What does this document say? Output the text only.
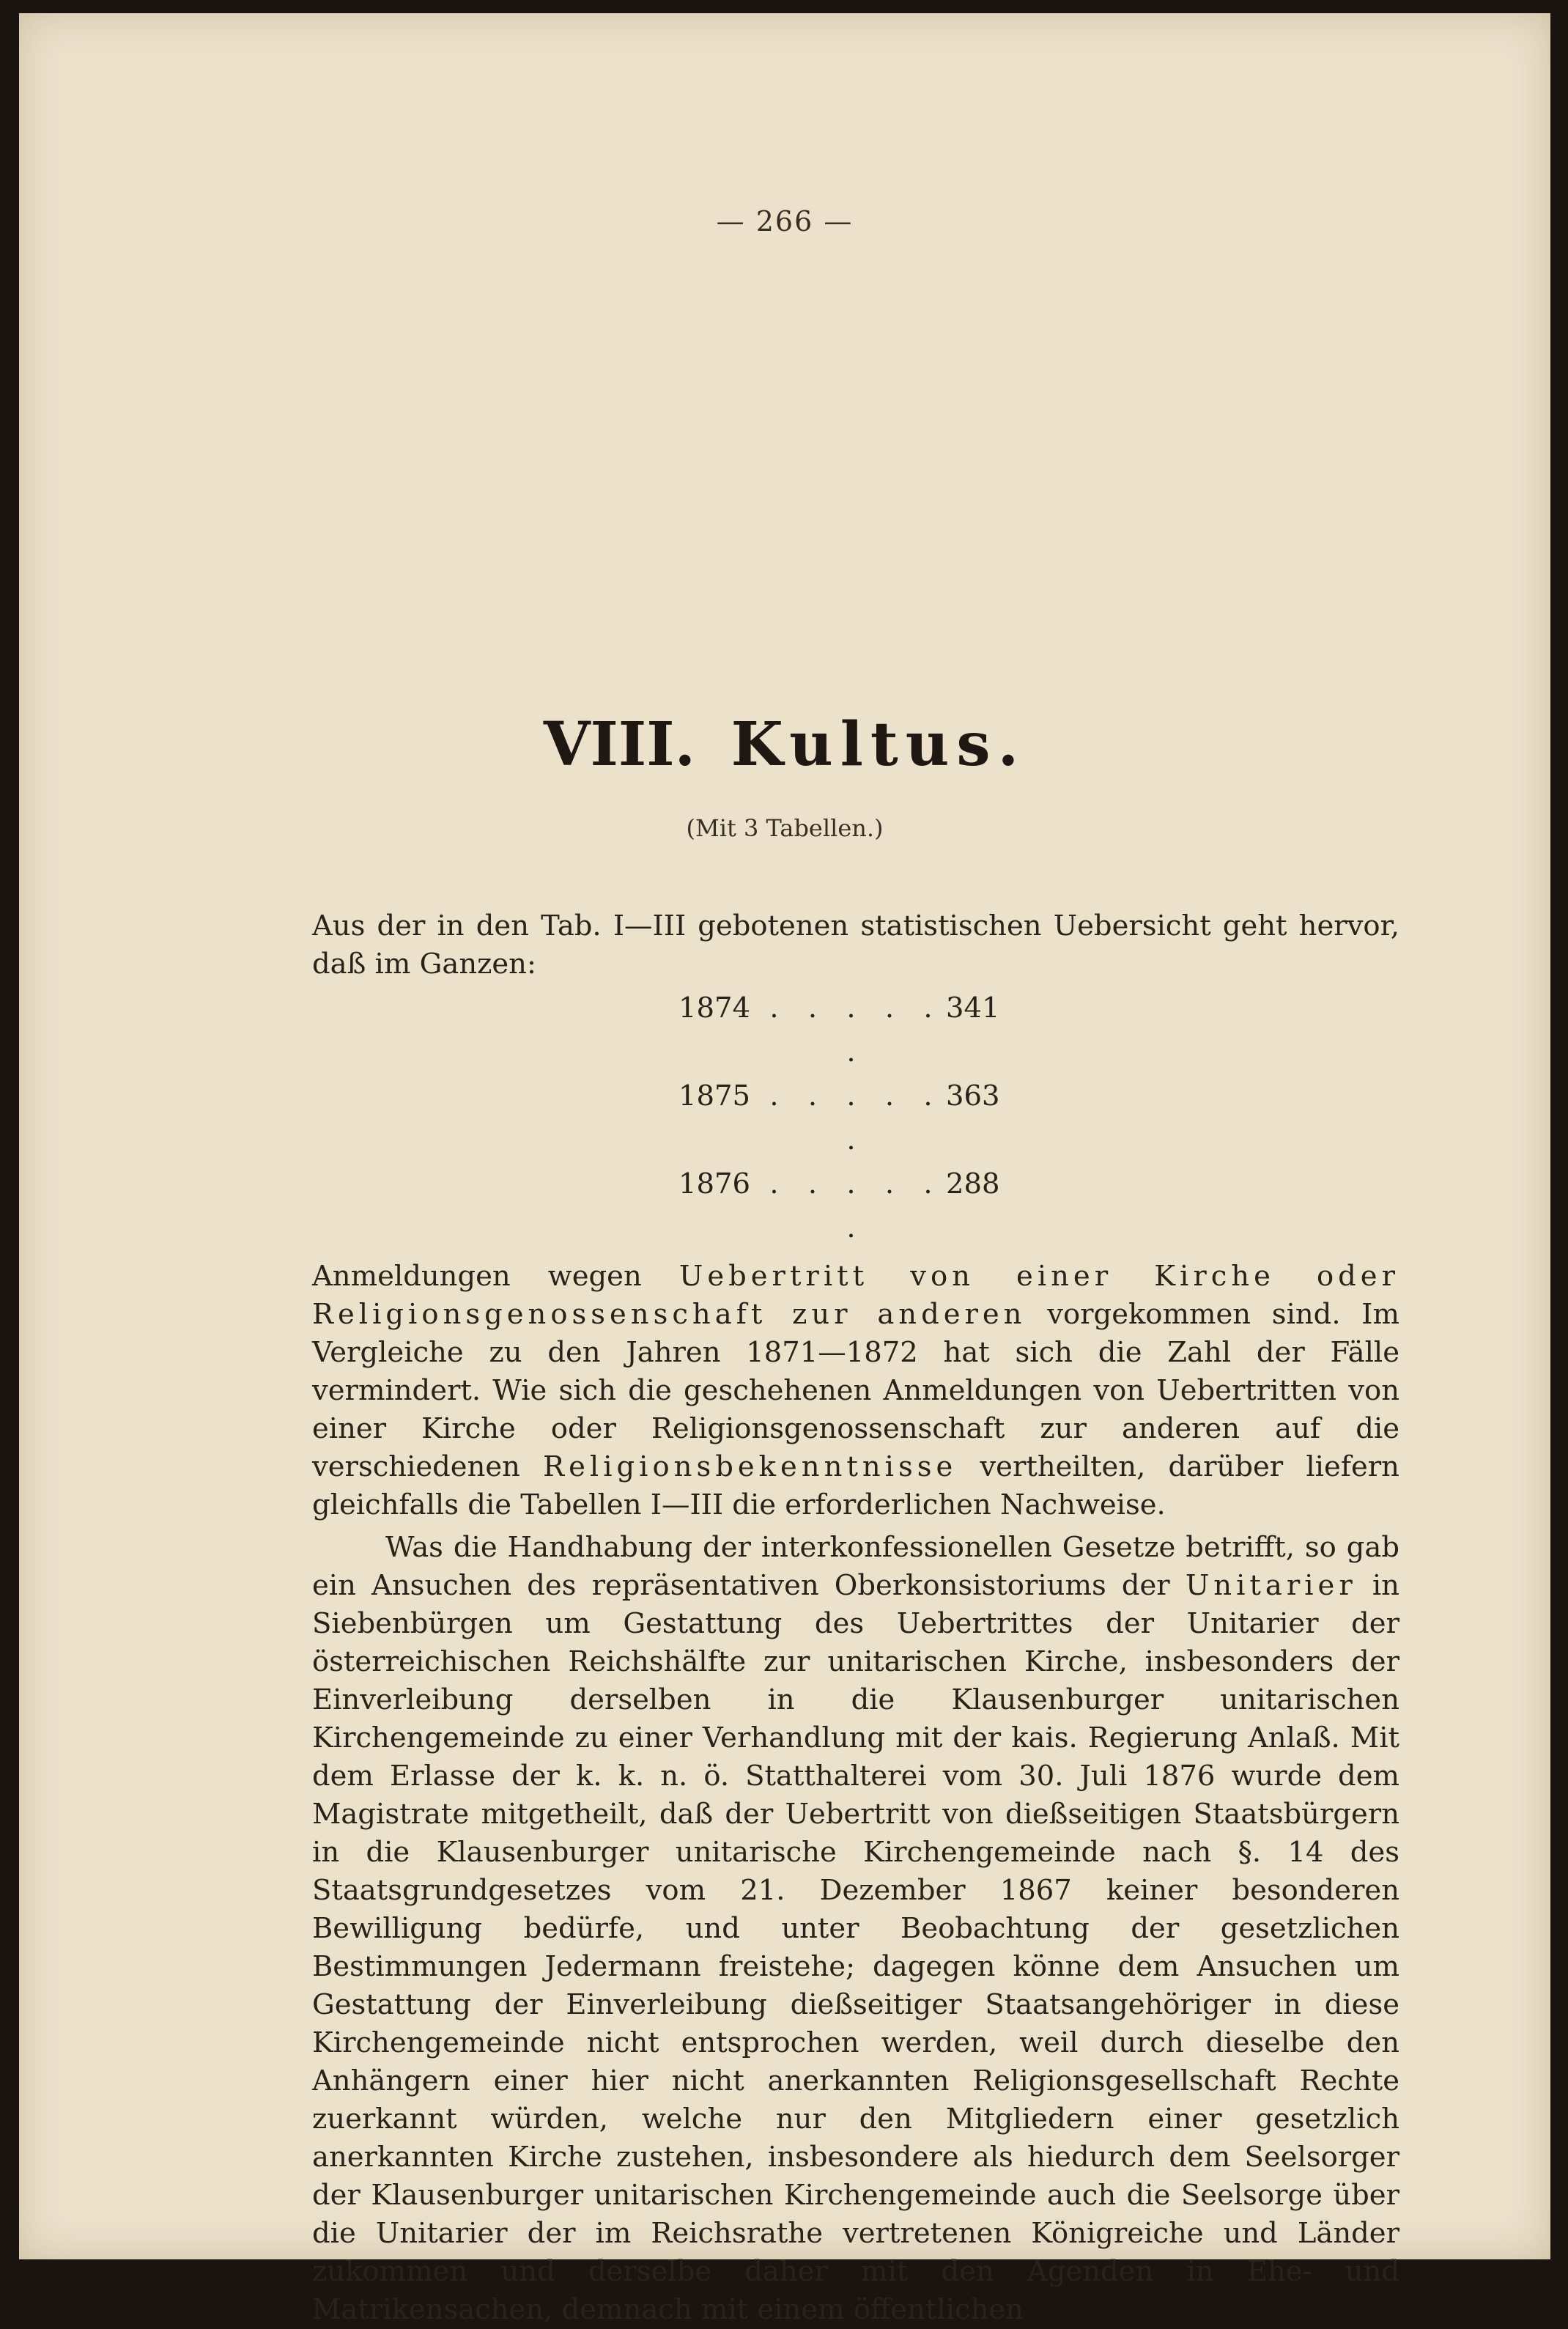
— 266 —
VIII. Kultus.
(Mit 3 Tabellen.)

Aus der in den Tab. I—III gebotenen statistischen Uebersicht geht hervor, daß im Ganzen:

1874 . . . . . .
341
1875 . . . . . .
363
1876 . . . . . .
288

Anmeldungen wegen Uebertritt von einer Kirche oder Religionsgenossenschaft zur anderen vorgekommen sind. Im Vergleiche zu den Jahren 1871—1872 hat sich die Zahl der Fälle vermindert. Wie sich die geschehenen Anmeldungen von Uebertritten von einer Kirche oder Religionsgenossenschaft zur anderen auf die verschiedenen Religionsbekenntnisse vertheilten, darüber liefern gleichfalls die Tabellen I—III die erforderlichen Nachweise.

Was die Handhabung der interkonfessionellen Gesetze betrifft, so gab ein Ansuchen des repräsentativen Oberkonsistoriums der Unitarier in Siebenbürgen um Gestattung des Uebertrittes der Unitarier der österreichischen Reichshälfte zur unitarischen Kirche, insbesonders der Einverleibung derselben in die Klausenburger unitarischen Kirchengemeinde zu einer Verhandlung mit der kais. Regierung Anlaß. Mit dem Erlasse der k. k. n. ö. Statthalterei vom 30. Juli 1876 wurde dem Magistrate mitgetheilt, daß der Uebertritt von dießseitigen Staatsbürgern in die Klausenburger unitarische Kirchengemeinde nach §. 14 des Staatsgrundgesetzes vom 21. Dezember 1867 keiner besonderen Bewilligung bedürfe, und unter Beobachtung der gesetzlichen Bestimmungen Jedermann freistehe; dagegen könne dem Ansuchen um Gestattung der Einverleibung dießseitiger Staatsangehöriger in diese Kirchengemeinde nicht entsprochen werden, weil durch dieselbe den Anhängern einer hier nicht anerkannten Religionsgesellschaft Rechte zuerkannt würden, welche nur den Mitgliedern einer gesetzlich anerkannten Kirche zustehen, insbesondere als hiedurch dem Seelsorger der Klausenburger unitarischen Kirchengemeinde auch die Seelsorge über die Unitarier der im Reichsrathe vertretenen Königreiche und Länder zukommen und derselbe daher mit den Agenden in Ehe- und Matrikensachen, demnach mit einem öffentlichen
